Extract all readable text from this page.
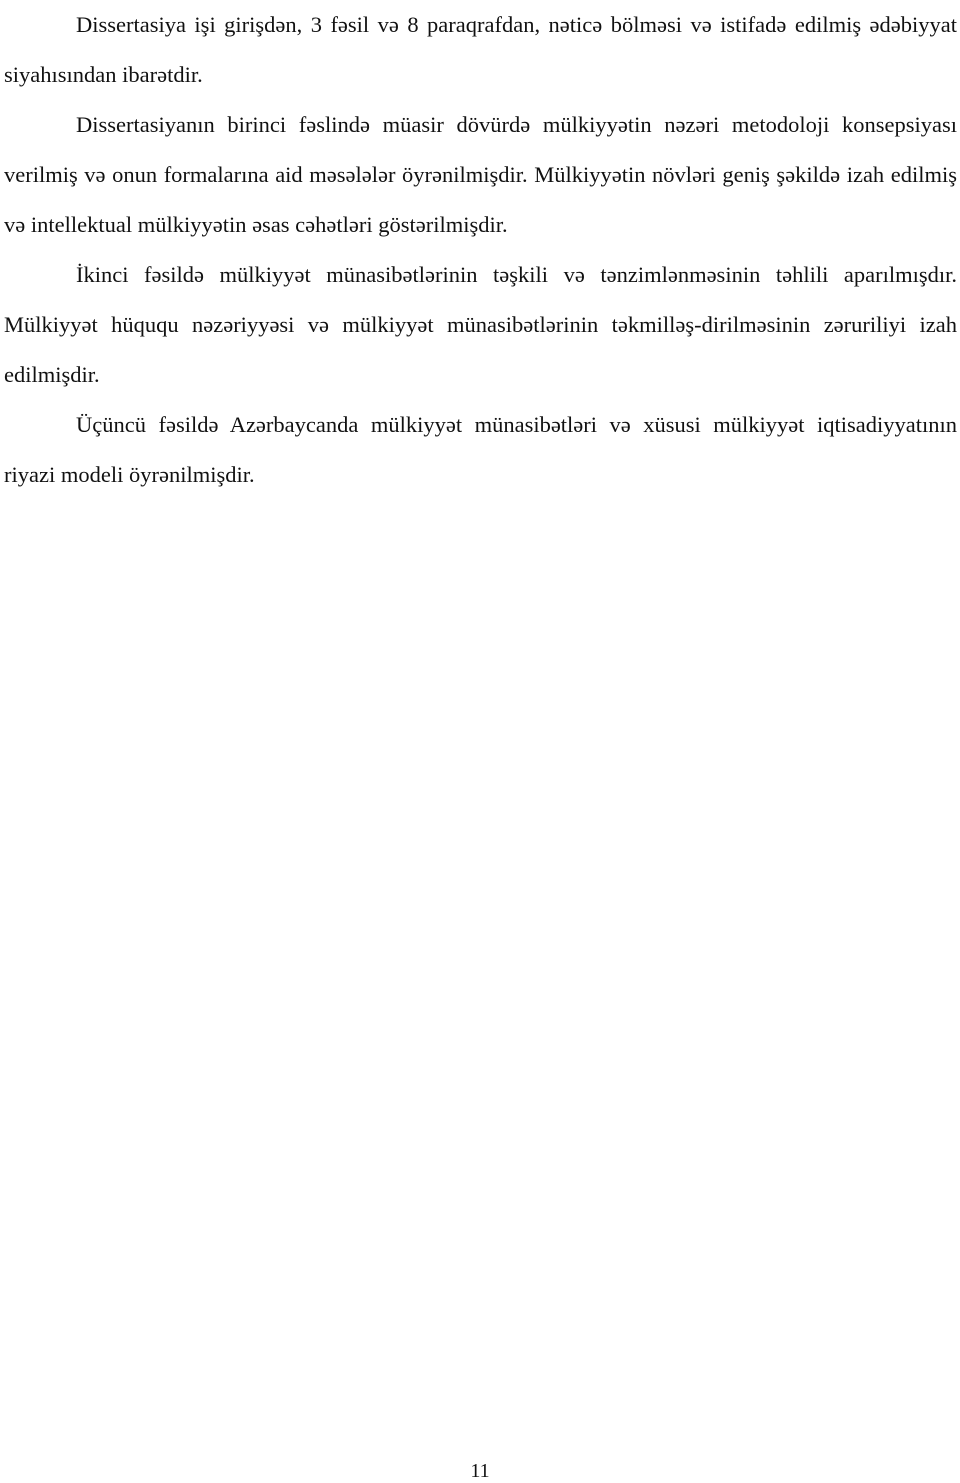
Dissertasiya işi girişdən, 3 fəsil və 8 paraqrafdan, nəticə bölməsi və istifadə edilmiş ədəbiyyat siyahısından ibarətdir.

Dissertasiyanın birinci fəslində müasir dövürdə mülkiyyətin nəzəri metodoloji konsepsiyası verilmiş və onun formalarına aid məsələlər öyrənilmişdir. Mülkiyyətin növləri geniş şəkildə izah edilmiş və intellektual mülkiyyətin əsas cəhətləri göstərilmişdir.

İkinci fəsildə mülkiyyət münasibətlərinin təşkili və tənzimlənməsinin təhlili aparılmışdır. Mülkiyyət hüququ nəzəriyyəsi və mülkiyyət münasibətlərinin təkmilləş-dirilməsinin zəruriliyi izah edilmişdir.

Üçüncü fəsildə Azərbaycanda mülkiyyət münasibətləri və xüsusi mülkiyyət iqtisadiyyatının riyazi modeli öyrənilmişdir.

11
